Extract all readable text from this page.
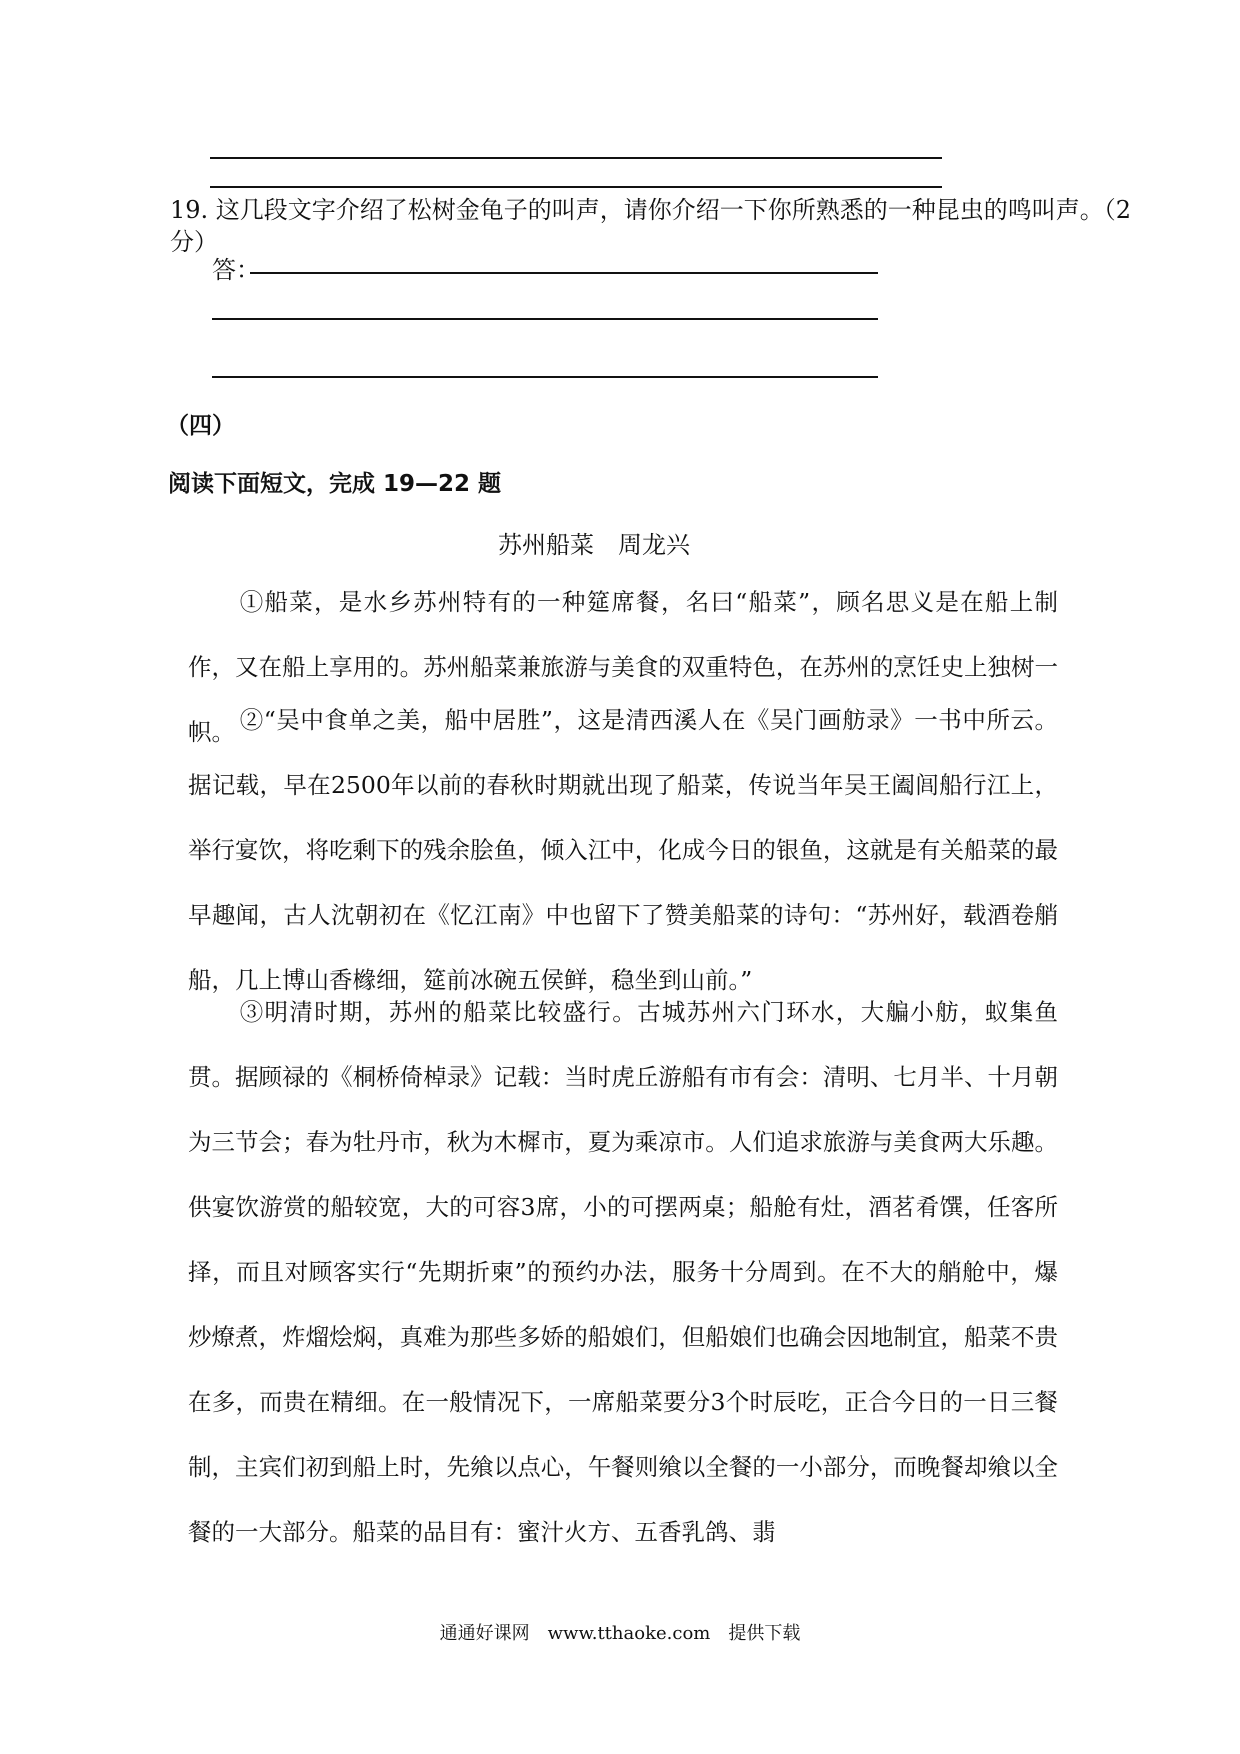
19. 这几段文字介绍了松树金龟子的叫声，请你介绍一下你所熟悉的一种昆虫的鸣叫声。（2
分）
答：
（四）
阅读下面短文，完成 19—22 题
苏州船菜　周龙兴

①船菜，是水乡苏州特有的一种筵席餐，名曰“船菜”，顾名思义是在船上制作，又在船上享用的。苏州船菜兼旅游与美食的双重特色，在苏州的烹饪史上独树一帜。 ②“吴中食单之美，船中居胜”，这是清西溪人在《吴门画舫录》一书中所云。据记载，早在2500年以前的春秋时期就出现了船菜，传说当年吴王阖闾船行江上，举行宴饮，将吃剩下的残余脍鱼，倾入江中，化成今日的银鱼，这就是有关船菜的最早趣闻，古人沈朝初在《忆江南》中也留下了赞美船菜的诗句：“苏州好，载酒卷艄船，几上博山香橼细，筵前冰碗五侯鲜，稳坐到山前。”

③明清时期，苏州的船菜比较盛行。古城苏州六门环水，大艑小舫，蚁集鱼贯。据顾禄的《桐桥倚棹录》记载：当时虎丘游船有市有会：清明、七月半、十月朝为三节会；春为牡丹市，秋为木樨市，夏为乘凉市。人们追求旅游与美食两大乐趣。供宴饮游赏的船较宽，大的可容3席，小的可摆两桌；船舱有灶，酒茗肴馔，任客所择，而且对顾客实行“先期折柬”的预约办法，服务十分周到。在不大的艄舱中，爆炒燎煮，炸熘烩焖，真难为那些多娇的船娘们，但船娘们也确会因地制宜，船菜不贵在多，而贵在精细。在一般情况下，一席船菜要分3个时辰吃，正合今日的一日三餐制，主宾们初到船上时，先飨以点心，午餐则飨以全餐的一小部分，而晚餐却飨以全餐的一大部分。船菜的品目有：蜜汁火方、五香乳鸽、翡

通通好课网　www.tthaoke.com　提供下载
